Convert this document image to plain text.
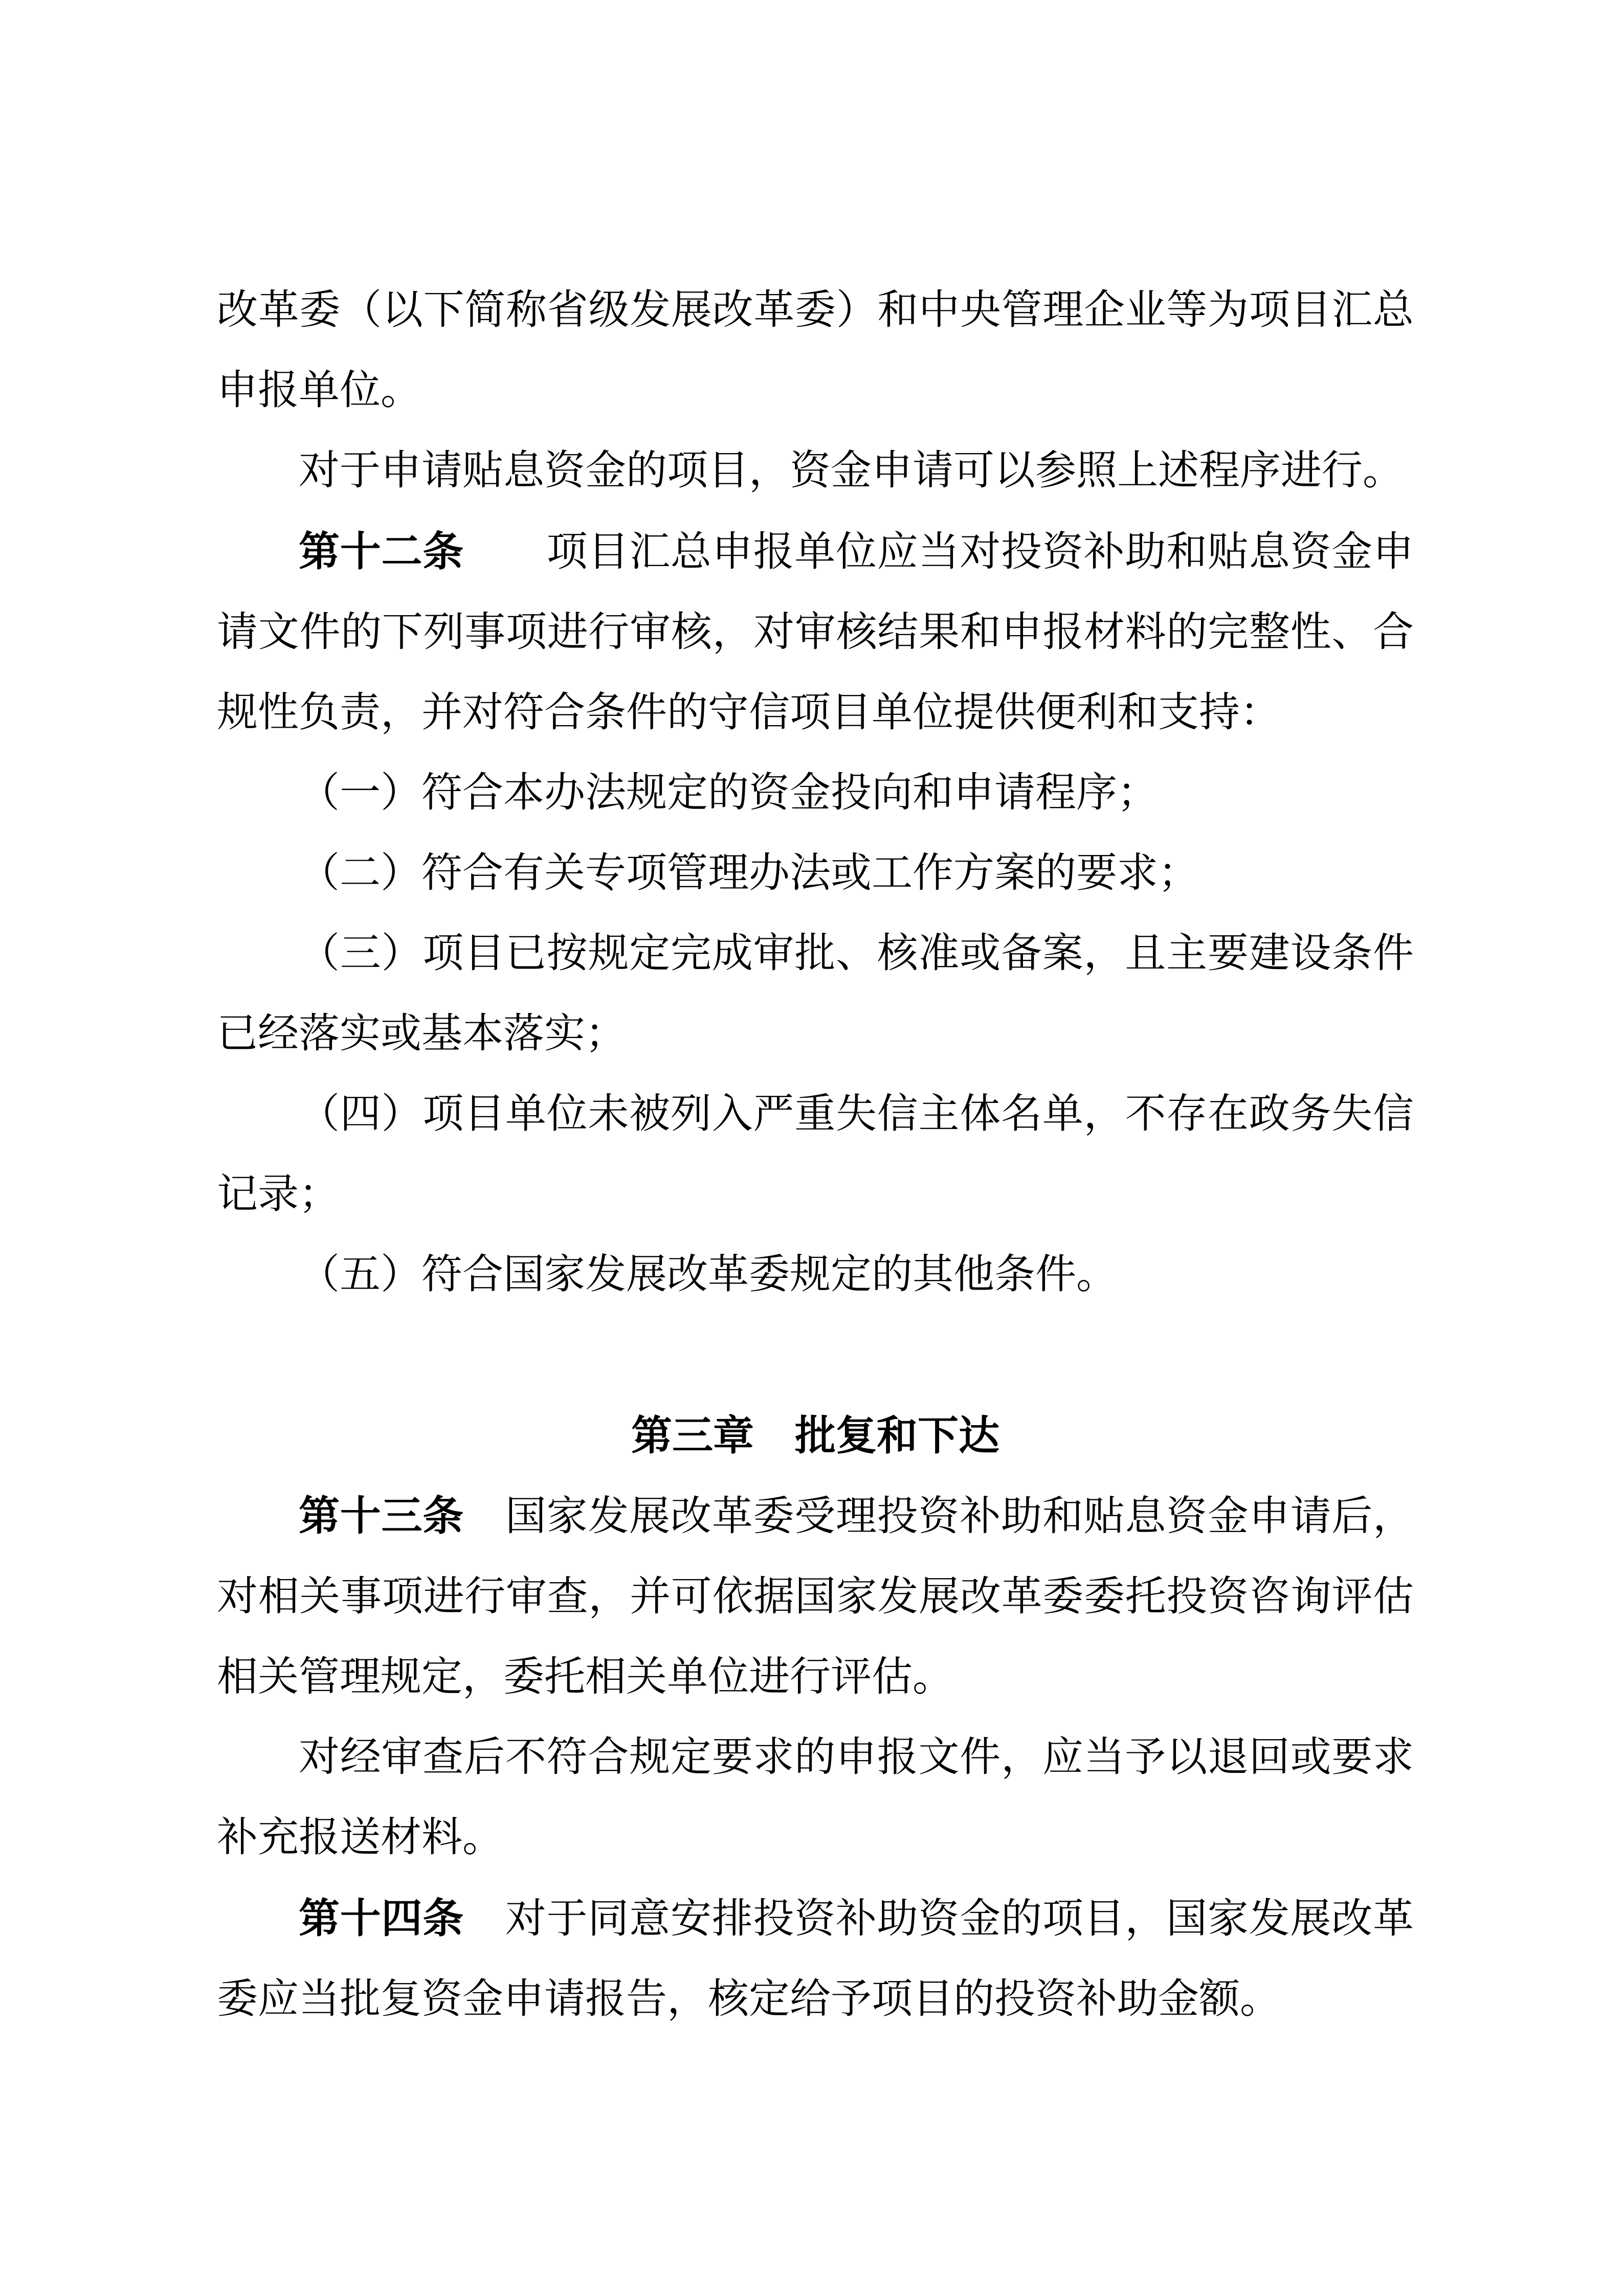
改革委（以下简称省级发展改革委）和中央管理企业等为项目汇总申报单位。

对于申请贴息资金的项目，资金申请可以参照上述程序进行。

第十二条　　项目汇总申报单位应当对投资补助和贴息资金申请文件的下列事项进行审核，对审核结果和申报材料的完整性、合规性负责，并对符合条件的守信项目单位提供便利和支持：

（一）符合本办法规定的资金投向和申请程序；

（二）符合有关专项管理办法或工作方案的要求；

（三）项目已按规定完成审批、核准或备案，且主要建设条件已经落实或基本落实；

（四）项目单位未被列入严重失信主体名单，不存在政务失信记录；

（五）符合国家发展改革委规定的其他条件。

第三章　批复和下达

第十三条　国家发展改革委受理投资补助和贴息资金申请后，对相关事项进行审查，并可依据国家发展改革委委托投资咨询评估相关管理规定，委托相关单位进行评估。

对经审查后不符合规定要求的申报文件，应当予以退回或要求补充报送材料。

第十四条　对于同意安排投资补助资金的项目，国家发展改革委应当批复资金申请报告，核定给予项目的投资补助金额。
